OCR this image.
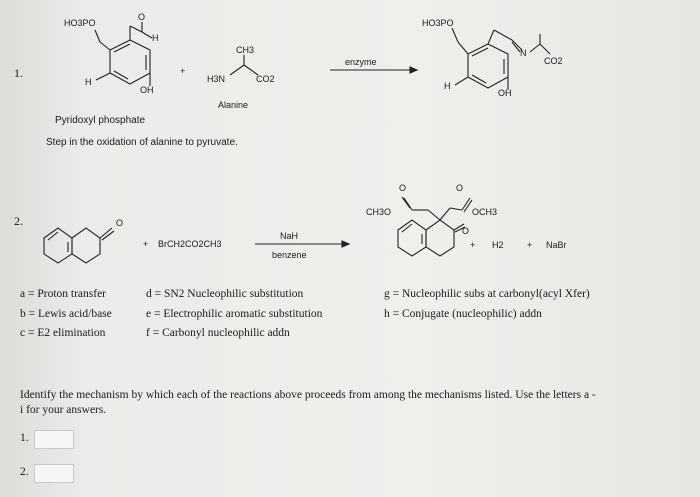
1.
HO3PO
H
O
H
OH
+
CH3
H3N	CO2
Alanine
enzyme
HO3PO
N
CO2
H
OH
Pyridoxyl phosphate
Step in the oxidation of alanine to pyruvate.
2.	O
+ BrCH2CO2CH3
NaH
benzene
CH3O	OCH3
O	O
O
+ H2	+ NaBr
a = Proton transfer
b = Lewis acid/base
c = E2 elimination
d = SN2 Nucleophilic substitution
e = Electrophilic aromatic substitution
f = Carbonyl nucleophilic addn
g = Nucleophilic subs at carbonyl(acyl Xfer)
h = Conjugate (nucleophilic) addn
Identify the mechanism by which each of the reactions above proceeds from among the mechanisms listed. Use the letters a -
i for your answers.
1.
2.
